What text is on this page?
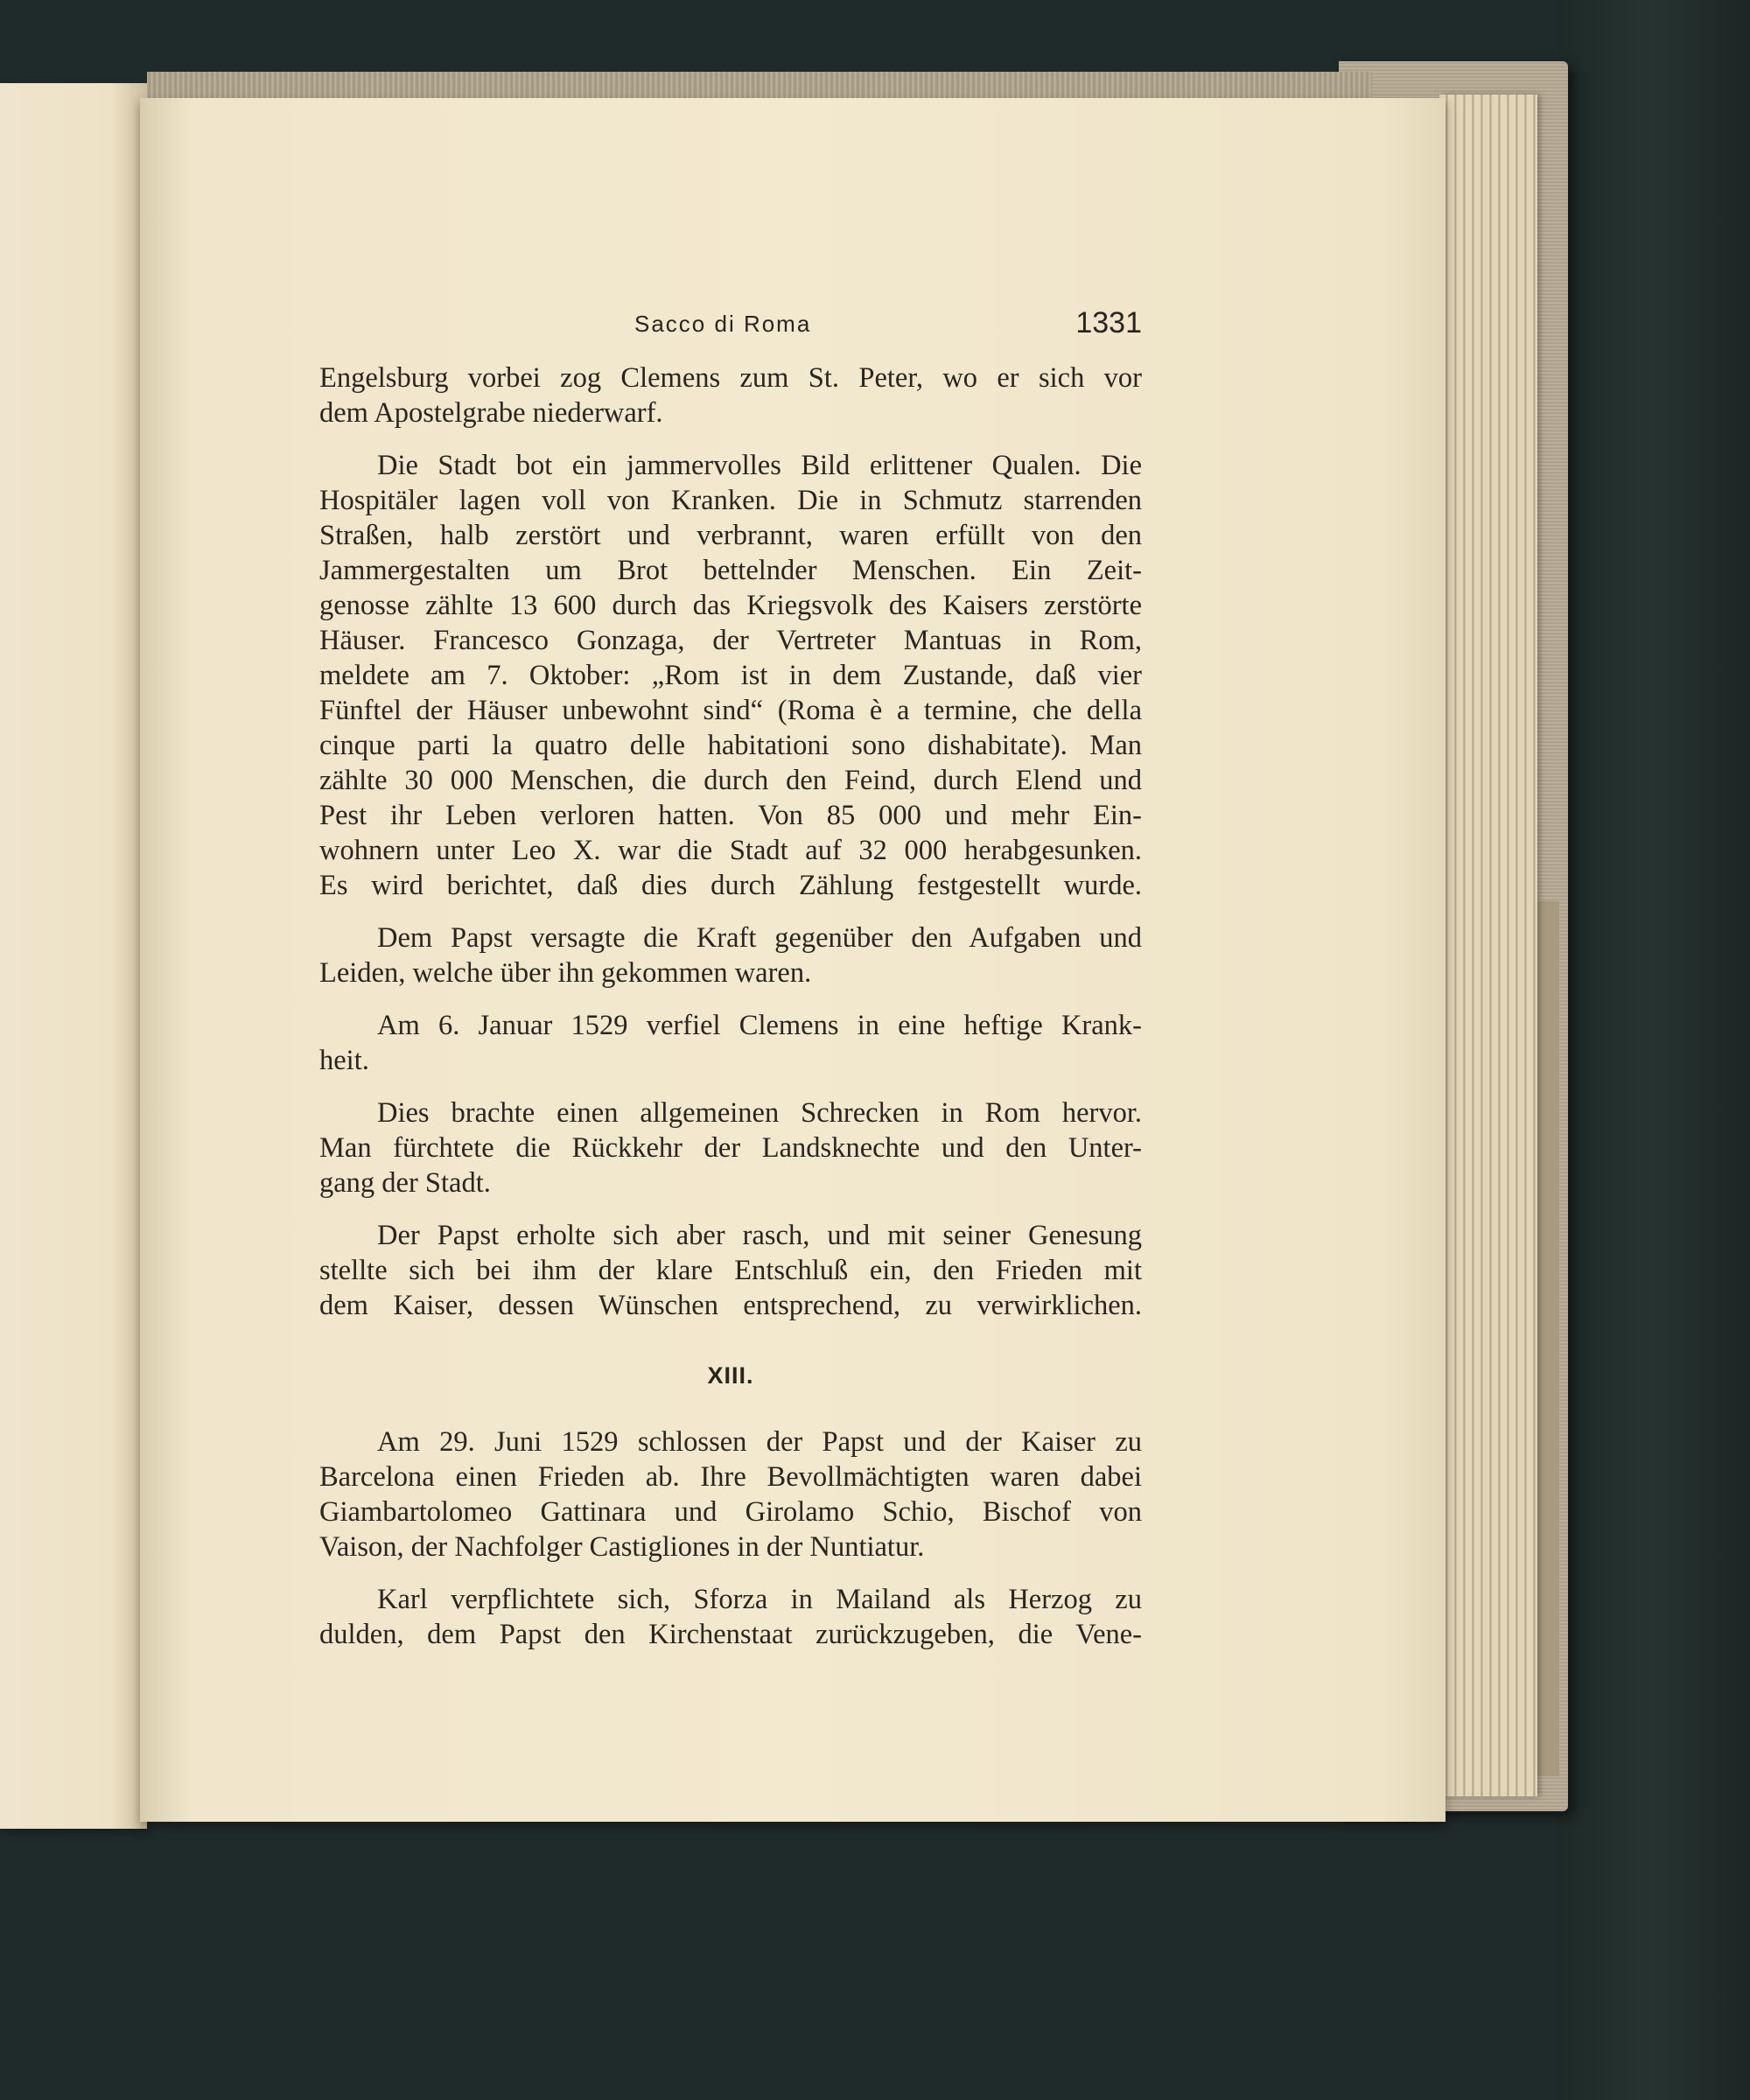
Sacco di Roma	1331
Engelsburg vorbei zog Clemens zum St. Peter, wo er sich vor
dem Apostelgrabe niederwarf.
Die Stadt bot ein jammervolles Bild erlittener Qualen. Die
Hospitäler lagen voll von Kranken. Die in Schmutz starrenden
Straßen, halb zerstört und verbrannt, waren erfüllt von den
Jammergestalten um Brot bettelnder Menschen. Ein Zeit-
genosse zählte 13 600 durch das Kriegsvolk des Kaisers zerstörte
Häuser. Francesco Gonzaga, der Vertreter Mantuas in Rom,
meldete am 7. Oktober: „Rom ist in dem Zustande, daß vier
Fünftel der Häuser unbewohnt sind“ (Roma è a termine, che della
cinque parti la quatro delle habitationi sono dishabitate). Man
zählte 30 000 Menschen, die durch den Feind, durch Elend und
Pest ihr Leben verloren hatten. Von 85 000 und mehr Ein-
wohnern unter Leo X. war die Stadt auf 32 000 herabgesunken.
Es wird berichtet, daß dies durch Zählung festgestellt wurde.
Dem Papst versagte die Kraft gegenüber den Aufgaben und
Leiden, welche über ihn gekommen waren.
Am 6. Januar 1529 verfiel Clemens in eine heftige Krank-
heit.
Dies brachte einen allgemeinen Schrecken in Rom hervor.
Man fürchtete die Rückkehr der Landsknechte und den Unter-
gang der Stadt.
Der Papst erholte sich aber rasch, und mit seiner Genesung
stellte sich bei ihm der klare Entschluß ein, den Frieden mit
dem Kaiser, dessen Wünschen entsprechend, zu verwirklichen.
XIII.
Am 29. Juni 1529 schlossen der Papst und der Kaiser zu
Barcelona einen Frieden ab. Ihre Bevollmächtigten waren dabei
Giambartolomeo Gattinara und Girolamo Schio, Bischof von
Vaison, der Nachfolger Castigliones in der Nuntiatur.
Karl verpflichtete sich, Sforza in Mailand als Herzog zu
dulden, dem Papst den Kirchenstaat zurückzugeben, die Vene-
